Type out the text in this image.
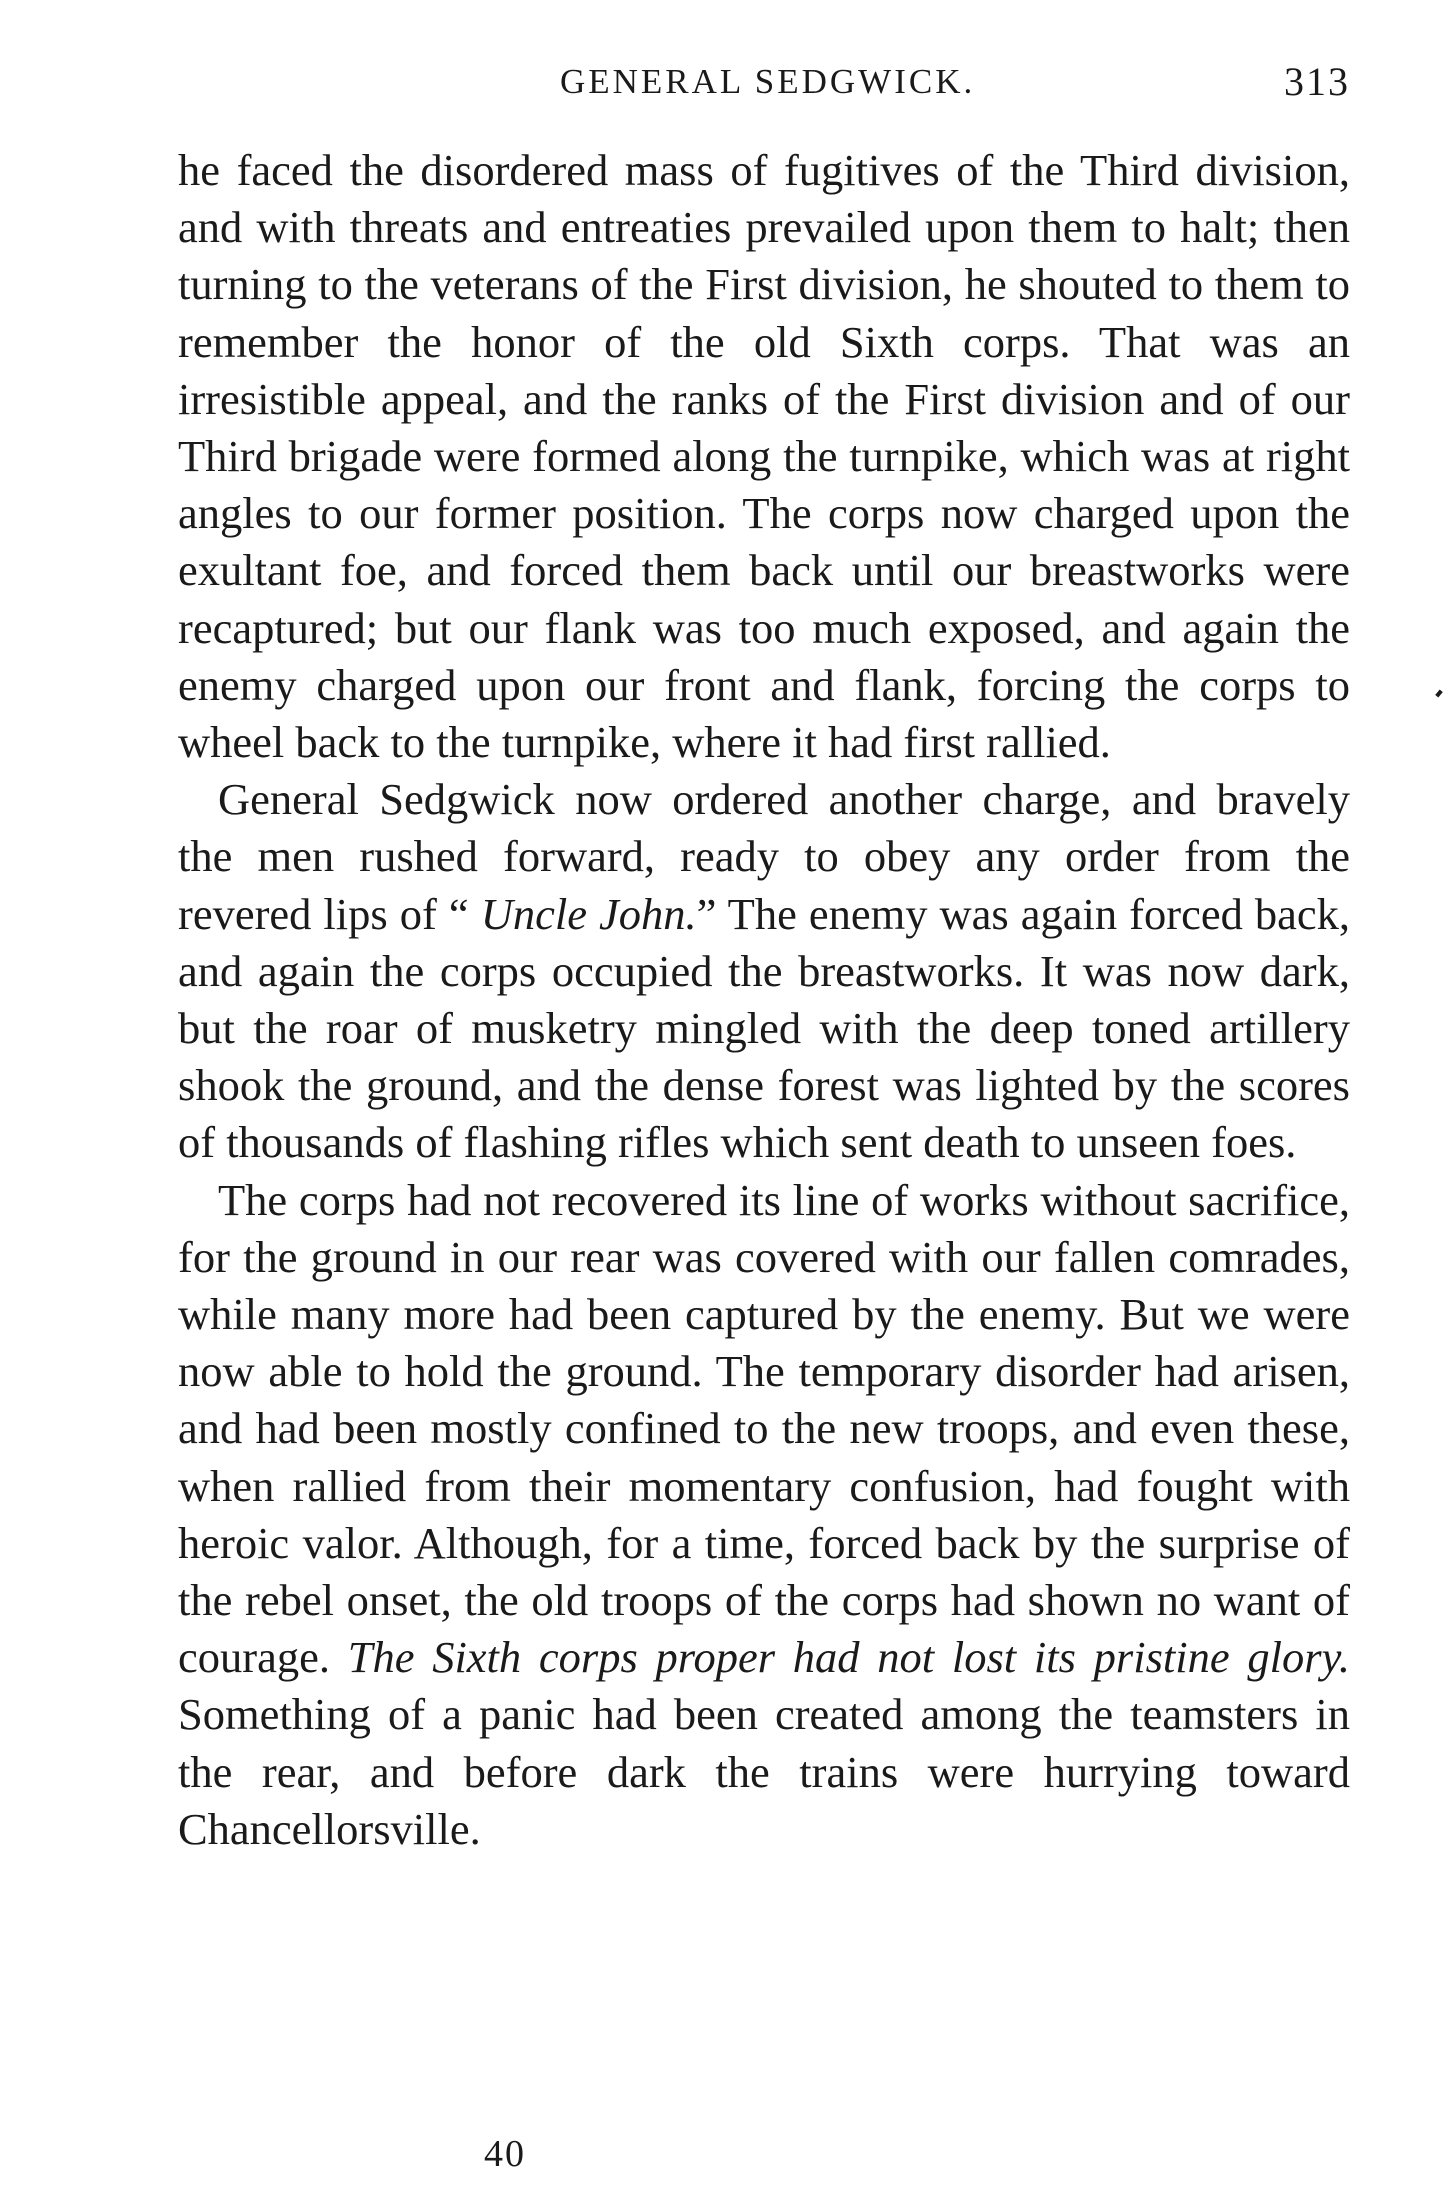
GENERAL SEDGWICK.	313

he faced the disordered mass of fugitives of the Third division, and with threats and entreaties prevailed upon them to halt; then turning to the veterans of the First division, he shouted to them to remember the honor of the old Sixth corps. That was an irresistible appeal, and the ranks of the First division and of our Third brigade were formed along the turnpike, which was at right angles to our former position. The corps now charged upon the exultant foe, and forced them back until our breastworks were recaptured; but our flank was too much exposed, and again the enemy charged upon our front and flank, forcing the corps to wheel back to the turnpike, where it had first rallied.

General Sedgwick now ordered another charge, and bravely the men rushed forward, ready to obey any order from the revered lips of “ Uncle John.” The enemy was again forced back, and again the corps occupied the breastworks. It was now dark, but the roar of musketry mingled with the deep toned artillery shook the ground, and the dense forest was lighted by the scores of thousands of flashing rifles which sent death to unseen foes.

The corps had not recovered its line of works without sacrifice, for the ground in our rear was covered with our fallen comrades, while many more had been captured by the enemy. But we were now able to hold the ground. The temporary disorder had arisen, and had been mostly confined to the new troops, and even these, when rallied from their momentary confusion, had fought with heroic valor. Although, for a time, forced back by the surprise of the rebel onset, the old troops of the corps had shown no want of courage. The Sixth corps proper had not lost its pristine glory. Something of a panic had been created among the teamsters in the rear, and before dark the trains were hurrying toward Chancellorsville.

40
